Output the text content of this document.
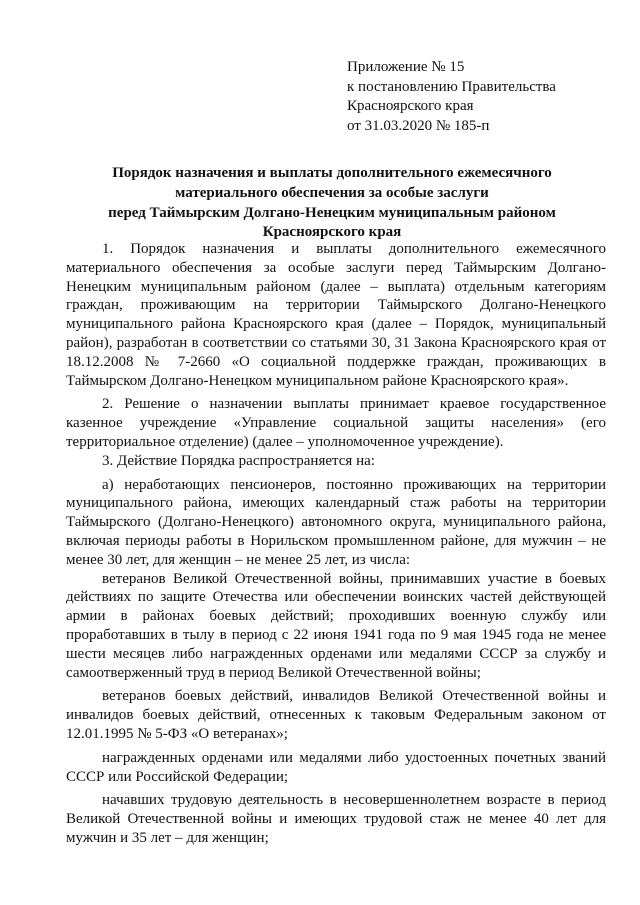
Приложение № 15
к постановлению Правительства
Красноярского края
от 31.03.2020 № 185-п
Порядок назначения и выплаты дополнительного ежемесячного
материального обеспечения за особые заслуги
перед Таймырским Долгано-Ненецким муниципальным районом
Красноярского края

1. Порядок назначения и выплаты дополнительного ежемесячного материального обеспечения за особые заслуги перед Таймырским Долгано-Ненецким муниципальным районом (далее – выплата) отдельным категориям граждан, проживающим на территории Таймырского Долгано-Ненецкого муниципального района Красноярского края (далее – Порядок, муниципальный район), разработан в соответствии со статьями 30, 31 Закона Красноярского края от 18.12.2008 № 7-2660 «О социальной поддержке граждан, проживающих в Таймырском Долгано-Ненецком муниципальном районе Красноярского края».

2. Решение о назначении выплаты принимает краевое государственное казенное учреждение «Управление социальной защиты населения» (его территориальное отделение) (далее – уполномоченное учреждение).

3. Действие Порядка распространяется на:

а) неработающих пенсионеров, постоянно проживающих на территории муниципального района, имеющих календарный стаж работы на территории Таймырского (Долгано-Ненецкого) автономного округа, муниципального района, включая периоды работы в Норильском промышленном районе, для мужчин – не менее 30 лет, для женщин – не менее 25 лет, из числа:

ветеранов Великой Отечественной войны, принимавших участие в боевых действиях по защите Отечества или обеспечении воинских частей действующей армии в районах боевых действий; проходивших военную службу или проработавших в тылу в период с 22 июня 1941 года по 9 мая 1945 года не менее шести месяцев либо награжденных орденами или медалями СССР за службу и самоотверженный труд в период Великой Отечественной войны;

ветеранов боевых действий, инвалидов Великой Отечественной войны и инвалидов боевых действий, отнесенных к таковым Федеральным законом от 12.01.1995 № 5-ФЗ «О ветеранах»;

награжденных орденами или медалями либо удостоенных почетных званий СССР или Российской Федерации;

начавших трудовую деятельность в несовершеннолетнем возрасте в период Великой Отечественной войны и имеющих трудовой стаж не менее 40 лет для мужчин и 35 лет – для женщин;
